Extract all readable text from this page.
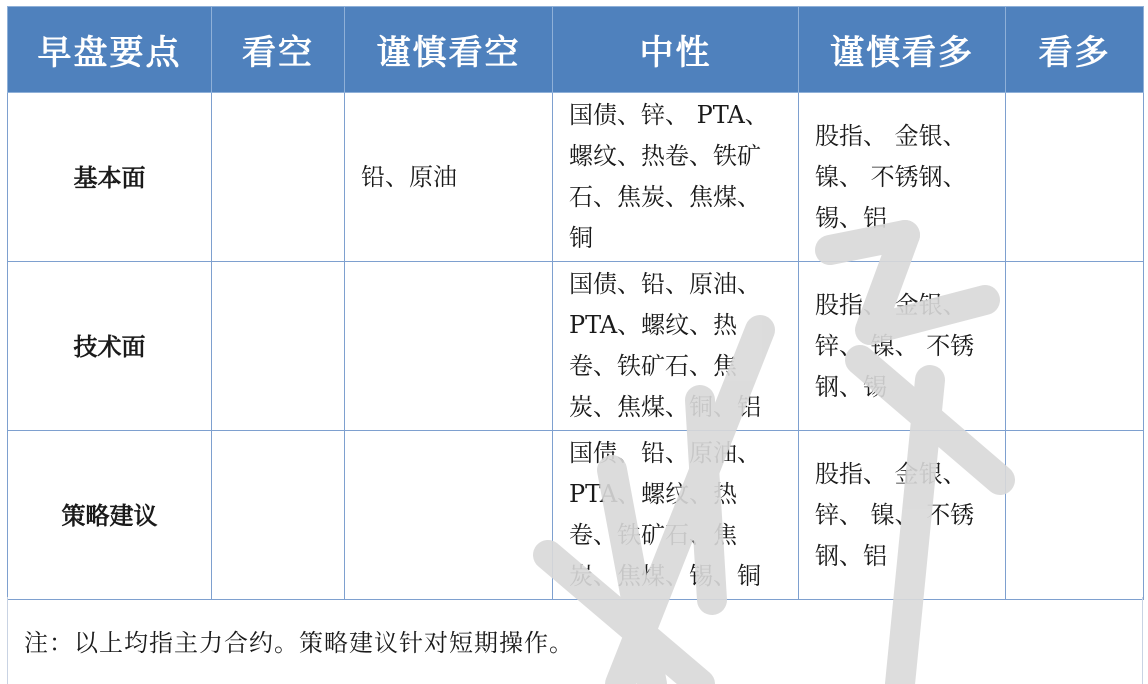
早盘要点	看空	谨慎看空	中性	谨慎看多	看多
基本面		铅、原油	国债、锌、 PTA、螺纹、热卷、铁矿石、焦炭、焦煤、铜	股指、 金银、镍、 不锈钢、锡、铝	
技术面			国债、铅、原油、PTA、螺纹、热卷、铁矿石、焦炭、焦煤、铜、铝	股指、 金银、锌、 镍、 不锈钢、锡	
策略建议			国债、铅、原油、PTA、螺纹、热卷、铁矿石、焦炭、焦煤、锡、铜	股指、 金银、锌、 镍、 不锈钢、铝	
注：以上均指主力合约。策略建议针对短期操作。
